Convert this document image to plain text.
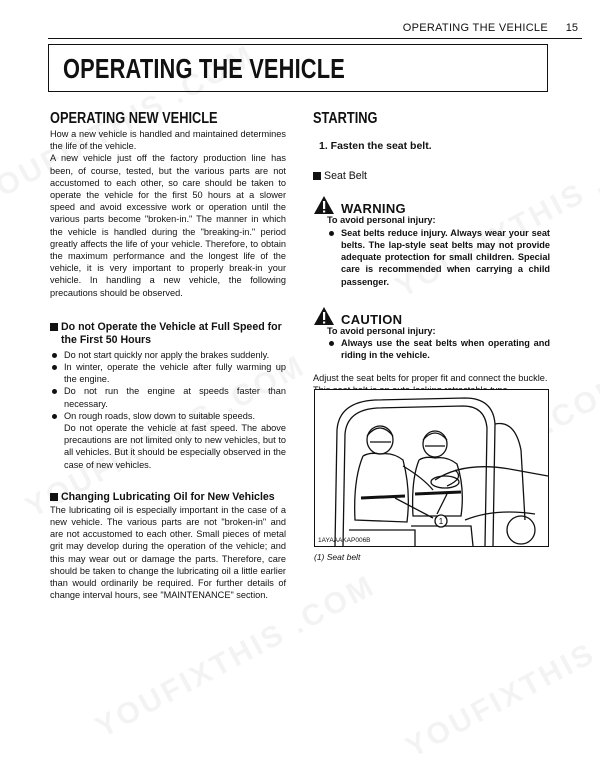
OPERATING THE VEHICLE 15
OPERATING THE VEHICLE
OPERATING NEW VEHICLE

How a new vehicle is handled and maintained determines the life of the vehicle.

A new vehicle just off the factory production line has been, of course, tested, but the various parts are not accustomed to each other, so care should be taken to operate the vehicle for the first 50 hours at a slower speed and avoid excessive work or operation until the various parts become "broken-in." The manner in which the vehicle is handled during the "breaking-in." period greatly affects the life of your vehicle. Therefore, to obtain the maximum performance and the longest life of the vehicle, it is very important to properly break-in your vehicle. In handling a new vehicle, the following precautions should be observed.

Do not Operate the Vehicle at Full Speed for the First 50 Hours
Do not start quickly nor apply the brakes suddenly.
In winter, operate the vehicle after fully warming up the engine.
Do not run the engine at speeds faster than necessary.
On rough roads, slow down to suitable speeds.

Do not operate the vehicle at fast speed. The above precautions are not limited only to new vehicles, but to all vehicles. But it should be especially observed in the case of new vehicles.

Changing Lubricating Oil for New Vehicles

The lubricating oil is especially important in the case of a new vehicle. The various parts are not "broken-in" and are not accustomed to each other. Small pieces of metal grit may develop during the operation of the vehicle; and this may wear out or damage the parts. Therefore, care should be taken to change the lubricating oil a little earlier than would ordinarily be required. For further details of change interval hours, see "MAINTENANCE" section.

STARTING

1. Fasten the seat belt.

Seat Belt
WARNING

To avoid personal injury:

Seat belts reduce injury. Always wear your seat belts. The lap-style seat belts may not provide adequate protection for small children. Special care is recommended when carrying a child passenger.
CAUTION

To avoid personal injury:

Always use the seat belts when operating and riding in the vehicle.

Adjust the seat belts for proper fit and connect the buckle.

1
1AYAAAKAP006B
(1) Seat belt
